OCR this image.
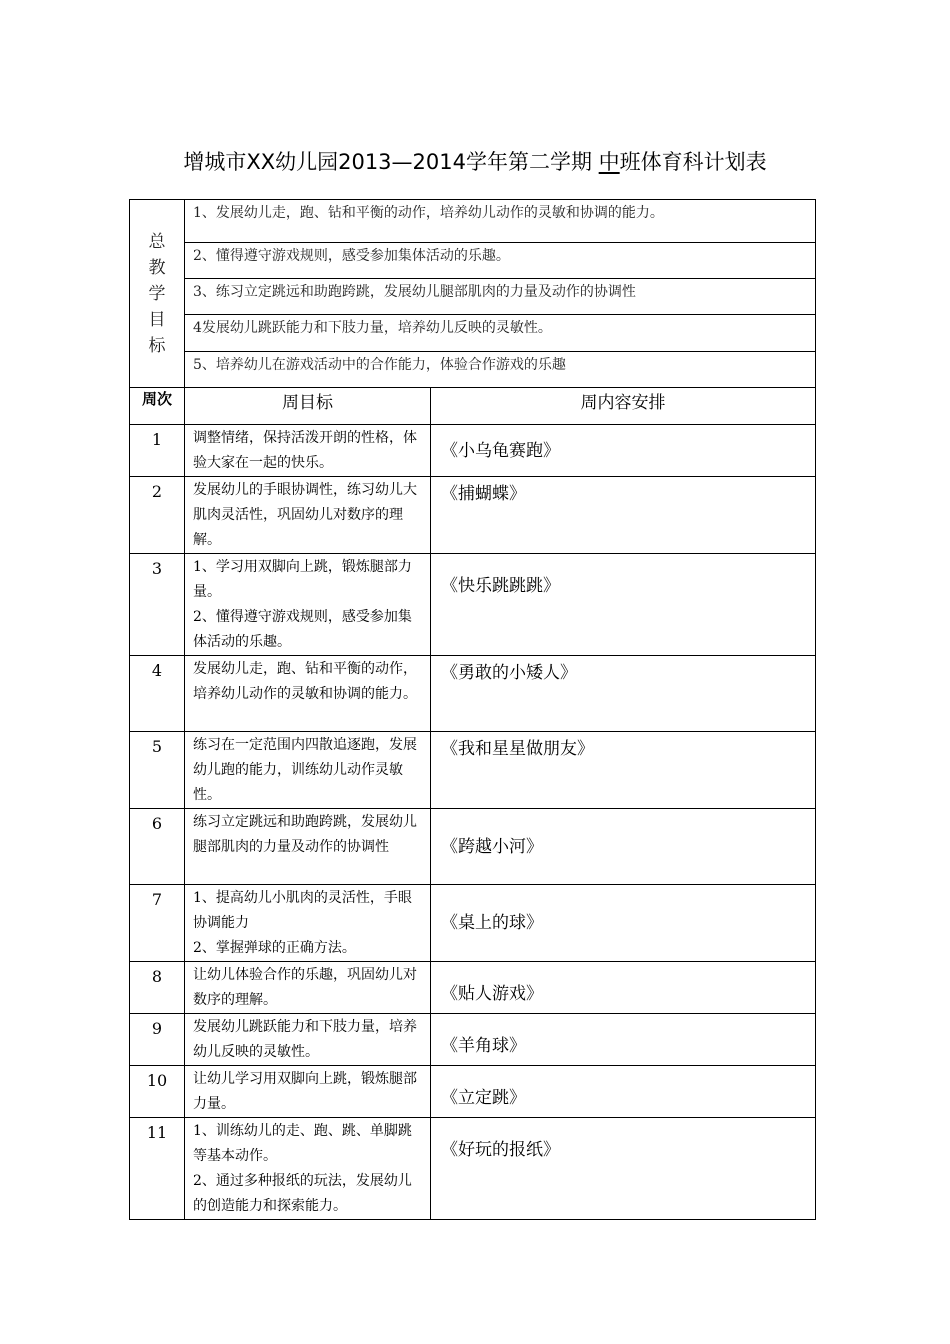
增城市XX幼儿园2013—2014学年第二学期 中班体育科计划表
总
教
学
目
标	1、发展幼儿走，跑、钻和平衡的动作，培养幼儿动作的灵敏和协调的能力。	
	2、懂得遵守游戏规则，感受参加集体活动的乐趣。	
	3、练习立定跳远和助跑跨跳，发展幼儿腿部肌肉的力量及动作的协调性	
	4发展幼儿跳跃能力和下肢力量，培养幼儿反映的灵敏性。	
	5、培养幼儿在游戏活动中的合作能力，体验合作游戏的乐趣	
周次	周目标	周内容安排
1	调整情绪，保持活泼开朗的性格，体验大家在一起的快乐。	《小乌龟赛跑》
2	发展幼儿的手眼协调性，练习幼儿大肌肉灵活性，巩固幼儿对数序的理解。	《捕蝴蝶》
3	1、学习用双脚向上跳，锻炼腿部力量。
2、懂得遵守游戏规则，感受参加集体活动的乐趣。	《快乐跳跳跳》
4	发展幼儿走，跑、钻和平衡的动作，培养幼儿动作的灵敏和协调的能力。	《勇敢的小矮人》
5	练习在一定范围内四散追逐跑，发展幼儿跑的能力，训练幼儿动作灵敏性。	《我和星星做朋友》
6	练习立定跳远和助跑跨跳，发展幼儿腿部肌肉的力量及动作的协调性	《跨越小河》
7	1、提高幼儿小肌肉的灵活性，手眼协调能力
2、掌握弹球的正确方法。	《桌上的球》
8	让幼儿体验合作的乐趣，巩固幼儿对数序的理解。	《贴人游戏》
9	发展幼儿跳跃能力和下肢力量，培养幼儿反映的灵敏性。	《羊角球》
10	让幼儿学习用双脚向上跳，锻炼腿部力量。	《立定跳》
11	1、训练幼儿的走、跑、跳、单脚跳等基本动作。
2、通过多种报纸的玩法，发展幼儿的创造能力和探索能力。	《好玩的报纸》
